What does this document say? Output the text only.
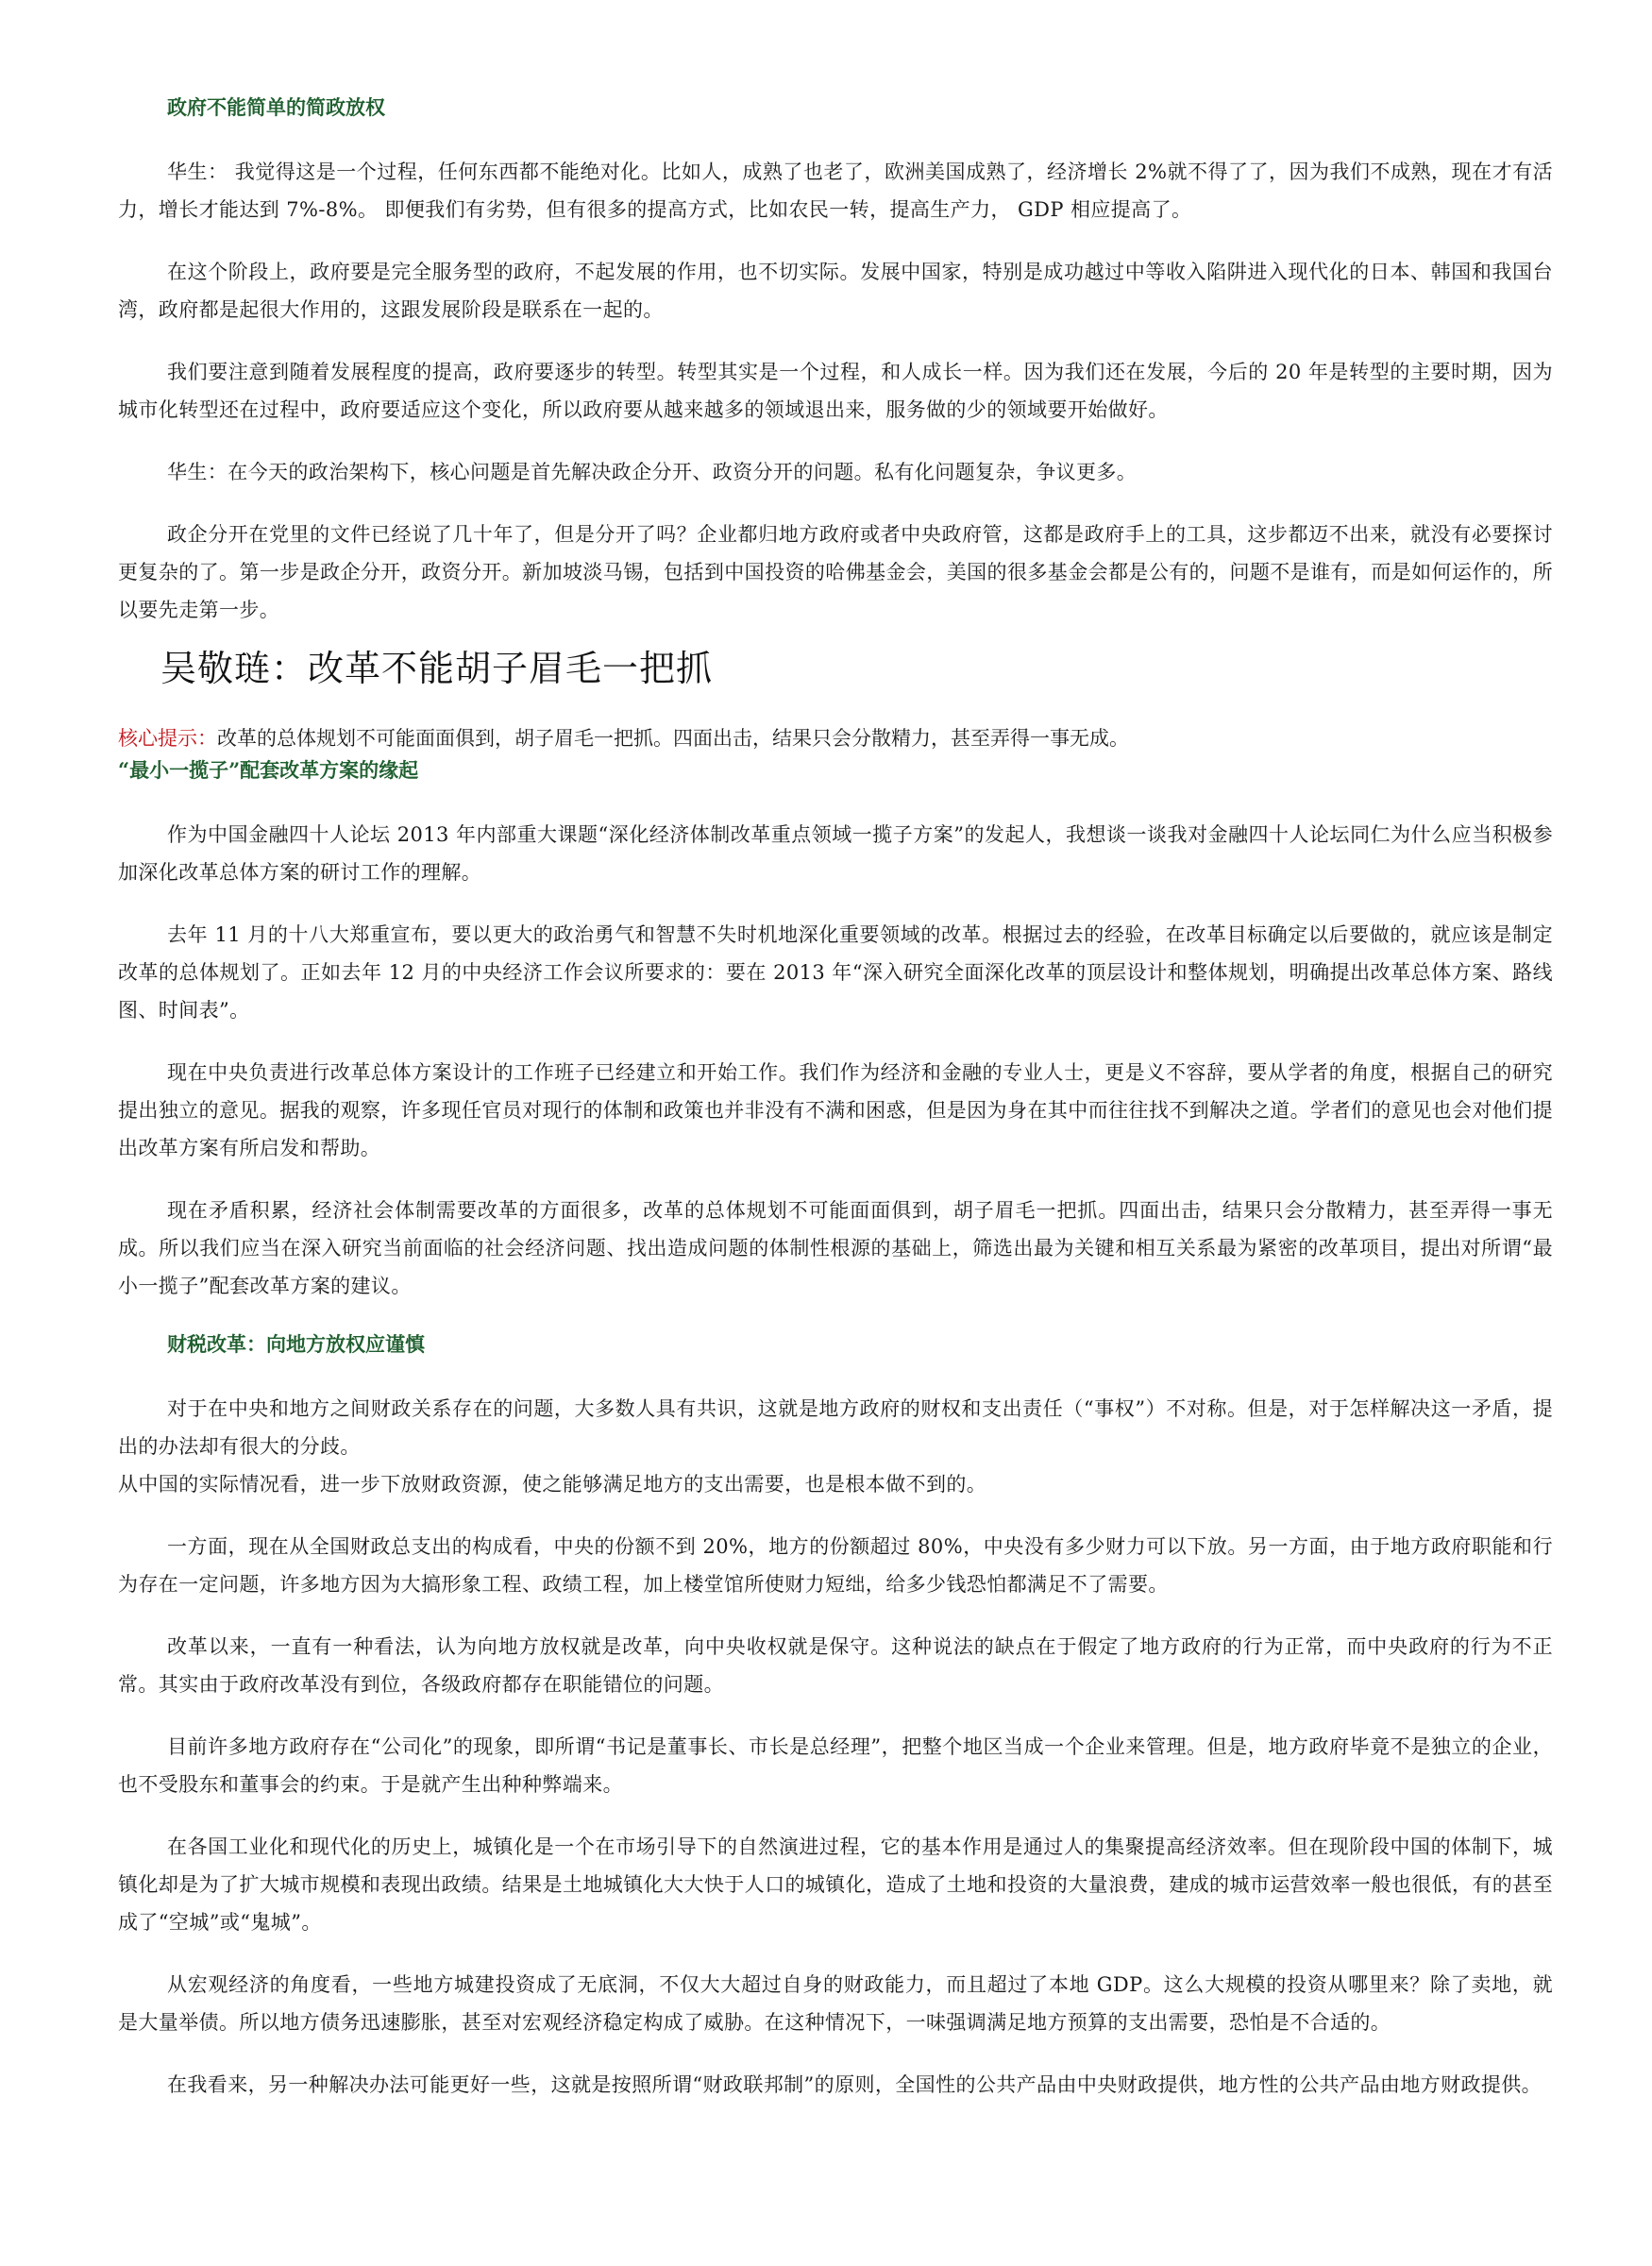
政府不能简单的简政放权

华生： 我觉得这是一个过程，任何东西都不能绝对化。比如人，成熟了也老了，欧洲美国成熟了，经济增长 2%就不得了了，因为我们不成熟，现在才有活力，增长才能达到 7%-8%。 即便我们有劣势，但有很多的提高方式，比如农民一转，提高生产力， GDP 相应提高了。

在这个阶段上，政府要是完全服务型的政府，不起发展的作用，也不切实际。发展中国家，特别是成功越过中等收入陷阱进入现代化的日本、韩国和我国台湾，政府都是起很大作用的，这跟发展阶段是联系在一起的。

我们要注意到随着发展程度的提高，政府要逐步的转型。转型其实是一个过程，和人成长一样。因为我们还在发展，今后的 20 年是转型的主要时期，因为城市化转型还在过程中，政府要适应这个变化，所以政府要从越来越多的领域退出来，服务做的少的领域要开始做好。

华生：在今天的政治架构下，核心问题是首先解决政企分开、政资分开的问题。私有化问题复杂，争议更多。

政企分开在党里的文件已经说了几十年了，但是分开了吗？企业都归地方政府或者中央政府管，这都是政府手上的工具，这步都迈不出来，就没有必要探讨更复杂的了。第一步是政企分开，政资分开。新加坡淡马锡，包括到中国投资的哈佛基金会，美国的很多基金会都是公有的，问题不是谁有，而是如何运作的，所以要先走第一步。

吴敬琏：改革不能胡子眉毛一把抓

核心提示：改革的总体规划不可能面面俱到，胡子眉毛一把抓。四面出击，结果只会分散精力，甚至弄得一事无成。

“最小一揽子”配套改革方案的缘起

作为中国金融四十人论坛 2013 年内部重大课题“深化经济体制改革重点领域一揽子方案”的发起人，我想谈一谈我对金融四十人论坛同仁为什么应当积极参加深化改革总体方案的研讨工作的理解。

去年 11 月的十八大郑重宣布，要以更大的政治勇气和智慧不失时机地深化重要领域的改革。根据过去的经验，在改革目标确定以后要做的，就应该是制定改革的总体规划了。正如去年 12 月的中央经济工作会议所要求的：要在 2013 年“深入研究全面深化改革的顶层设计和整体规划，明确提出改革总体方案、路线图、时间表”。

现在中央负责进行改革总体方案设计的工作班子已经建立和开始工作。我们作为经济和金融的专业人士，更是义不容辞，要从学者的角度，根据自己的研究提出独立的意见。据我的观察，许多现任官员对现行的体制和政策也并非没有不满和困惑，但是因为身在其中而往往找不到解决之道。学者们的意见也会对他们提出改革方案有所启发和帮助。

现在矛盾积累，经济社会体制需要改革的方面很多，改革的总体规划不可能面面俱到，胡子眉毛一把抓。四面出击，结果只会分散精力，甚至弄得一事无成。所以我们应当在深入研究当前面临的社会经济问题、找出造成问题的体制性根源的基础上，筛选出最为关键和相互关系最为紧密的改革项目，提出对所谓“最小一揽子”配套改革方案的建议。

财税改革：向地方放权应谨慎

对于在中央和地方之间财政关系存在的问题，大多数人具有共识，这就是地方政府的财权和支出责任（“事权”）不对称。但是，对于怎样解决这一矛盾，提出的办法却有很大的分歧。

从中国的实际情况看，进一步下放财政资源，使之能够满足地方的支出需要，也是根本做不到的。

一方面，现在从全国财政总支出的构成看，中央的份额不到 20%，地方的份额超过 80%，中央没有多少财力可以下放。另一方面，由于地方政府职能和行为存在一定问题，许多地方因为大搞形象工程、政绩工程，加上楼堂馆所使财力短绌，给多少钱恐怕都满足不了需要。

改革以来，一直有一种看法，认为向地方放权就是改革，向中央收权就是保守。这种说法的缺点在于假定了地方政府的行为正常，而中央政府的行为不正常。其实由于政府改革没有到位，各级政府都存在职能错位的问题。

目前许多地方政府存在“公司化”的现象，即所谓“书记是董事长、市长是总经理”，把整个地区当成一个企业来管理。但是，地方政府毕竟不是独立的企业，也不受股东和董事会的约束。于是就产生出种种弊端来。

在各国工业化和现代化的历史上，城镇化是一个在市场引导下的自然演进过程，它的基本作用是通过人的集聚提高经济效率。但在现阶段中国的体制下，城镇化却是为了扩大城市规模和表现出政绩。结果是土地城镇化大大快于人口的城镇化，造成了土地和投资的大量浪费，建成的城市运营效率一般也很低，有的甚至成了“空城”或“鬼城”。

从宏观经济的角度看，一些地方城建投资成了无底洞，不仅大大超过自身的财政能力，而且超过了本地 GDP。这么大规模的投资从哪里来？除了卖地，就是大量举债。所以地方债务迅速膨胀，甚至对宏观经济稳定构成了威胁。在这种情况下，一味强调满足地方预算的支出需要，恐怕是不合适的。

在我看来，另一种解决办法可能更好一些，这就是按照所谓“财政联邦制”的原则，全国性的公共产品由中央财政提供，地方性的公共产品由地方财政提供。
